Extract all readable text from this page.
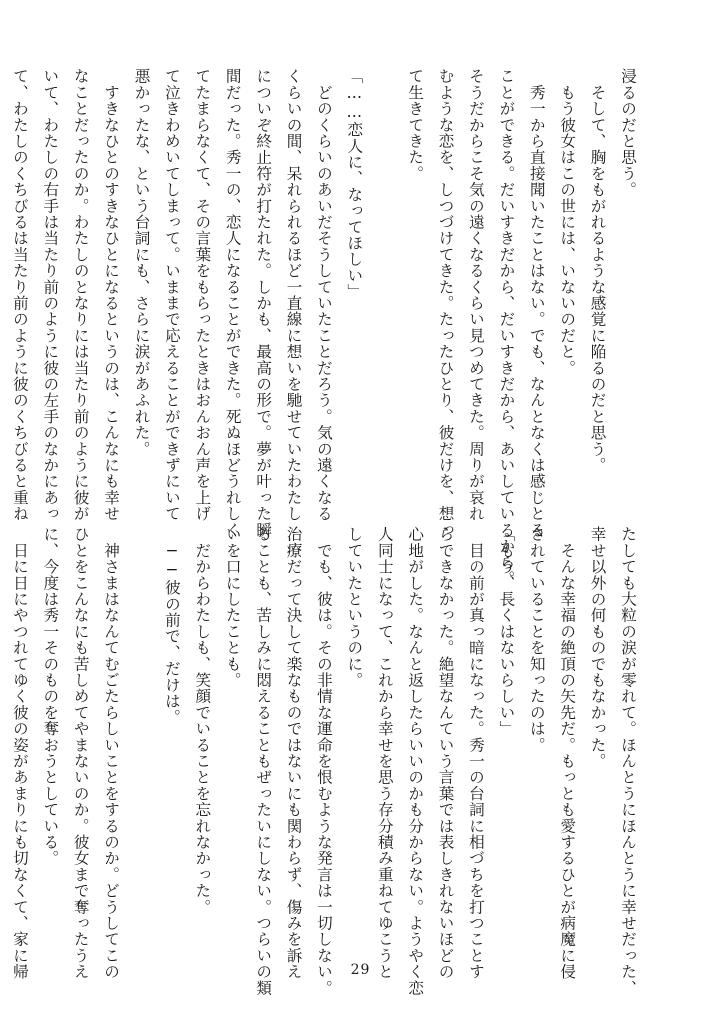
浸るのだと思う。
　そして、胸をもがれるような感覚に陥るのだと思う。
　もう彼女はこの世には、いないのだと。
　秀一から直接聞いたことはない。でも、なんとなくは感じとる
ことができる。だいすきだから、だいすきだから、あいしているから。
そうだからこそ気の遠くなるくらい見つめてきた。周りが哀れ
むような恋を、しつづけてきた。たったひとり、彼だけを、想っ
て生きてきた。

「……恋人に、なってほしい」
　どのくらいのあいだそうしていたことだろう。気の遠くなる
くらいの間、呆れられるほど一直線に想いを馳せていたわたし
についぞ終止符が打たれた。しかも、最高の形で。夢が叶った瞬
間だった。秀一の、恋人になることができた。死ぬほどうれしく
てたまらなくて、その言葉をもらったときはおんおん声を上げ
て泣きわめいてしまって。いままで応えることができずにいて
悪かったな、という台詞にも、さらに涙があふれた。
　すきなひとのすきなひとになるというのは、こんなにも幸せ
なことだったのか。わたしのとなりには当たり前のように彼が
いて、わたしの右手は当たり前のように彼の左手のなかにあっ
て、わたしのくちびるは当たり前のように彼のくちびると重ね
たしても大粒の涙が零れて。ほんとうにほんとうに幸せだった、
幸せ以外の何ものでもなかった。
　そんな幸福の絶頂の矢先だ。もっとも愛するひとが病魔に侵
されていることを知ったのは。
「もう、長くはないらしい」
　目の前が真っ暗になった。秀一の台詞に相づちを打つことす
らできなかった。絶望なんていう言葉では表しきれないほどの
心地がした。なんと返したらいいのかも分からない。ようやく恋
人同士になって、これから幸せを思う存分積み重ねてゆこうと
していたというのに。
　でも、彼は。その非情な運命を恨むような発言は一切しない。
治療だって決して楽なものではないにも関わらず、傷みを訴え
ることも、苦しみに悶えることもぜったいにしない。つらいの類
いを口にしたことも。
　だからわたしも、笑顔でいることを忘れなかった。
　──彼の前で、だけは。

　神さまはなんてむごたらしいことをするのか。どうしてこの
ひとをこんなにも苦しめてやまないのか。彼女まで奪ったうえ
に、今度は秀一そのものを奪おうとしている。
　日に日にやつれてゆく彼の姿があまりにも切なくて、家に帰	29
